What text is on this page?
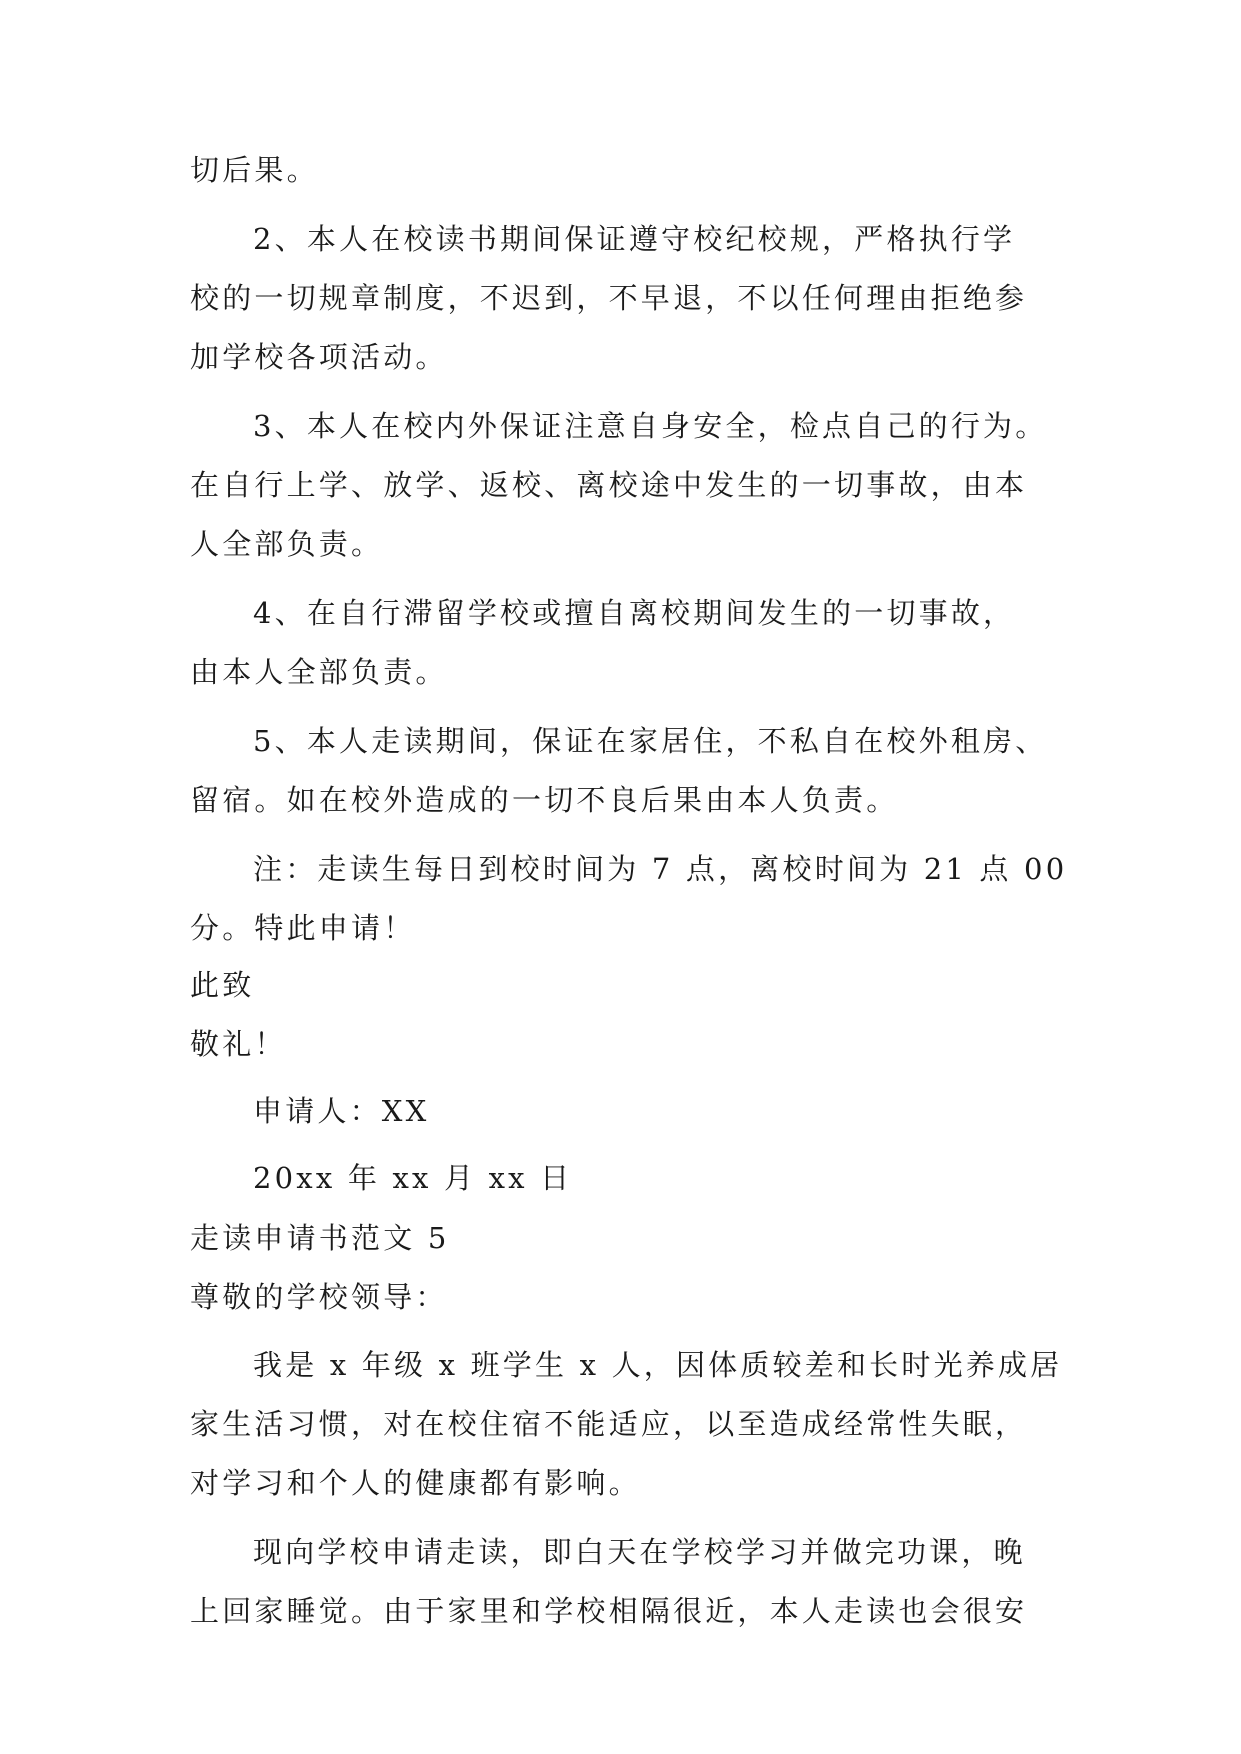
切后果。
2、本人在校读书期间保证遵守校纪校规，严格执行学
校的一切规章制度，不迟到，不早退，不以任何理由拒绝参
加学校各项活动。
3、本人在校内外保证注意自身安全，检点自己的行为。
在自行上学、放学、返校、离校途中发生的一切事故，由本
人全部负责。
4、在自行滞留学校或擅自离校期间发生的一切事故，
由本人全部负责。
5、本人走读期间，保证在家居住，不私自在校外租房、
留宿。如在校外造成的一切不良后果由本人负责。
注：走读生每日到校时间为 7 点，离校时间为 21 点 00
分。特此申请！
此致
敬礼！
申请人：XX
20xx 年 xx 月 xx 日
走读申请书范文 5
尊敬的学校领导：
我是 x 年级 x 班学生 x 人，因体质较差和长时光养成居
家生活习惯，对在校住宿不能适应，以至造成经常性失眠，
对学习和个人的健康都有影响。
现向学校申请走读，即白天在学校学习并做完功课，晚
上回家睡觉。由于家里和学校相隔很近，本人走读也会很安
